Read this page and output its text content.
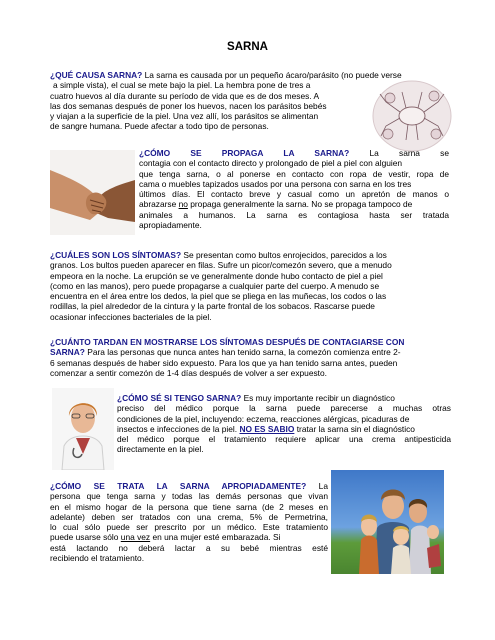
SARNA
¿QUÉ CAUSA SARNA? La sarna es causada por un pequeño ácaro/parásito (no puede verse
a simple vista), el cual se mete bajo la piel. La hembra pone de tres a
cuatro huevos al día durante su período de vida que es de dos meses. A
las dos semanas después de poner los huevos, nacen los parásitos bebés
y viajan a la superficie de la piel. Una vez allí, los parásitos se alimentan
de sangre humana. Puede afectar a todo tipo de personas.
¿CÓMO SE PROPAGA LA SARNA? La sarna se
contagia con el contacto directo y prolongado de piel a piel con alguien
que tenga sarna, o al ponerse en contacto con ropa de vestir, ropa de
cama o muebles tapizados usados por una persona con sarna en los tres
últimos días. El contacto breve y casual como un apretón de manos o
abrazarse no propaga generalmente la sarna. No se propaga tampoco de
animales a humanos. La sarna es contagiosa hasta ser tratada
apropiadamente.
¿CUÁLES SON LOS SÍNTOMAS? Se presentan como bultos enrojecidos, parecidos a los
granos. Los bultos pueden aparecer en filas. Sufre un picor/comezón severo, que a menudo
empeora en la noche. La erupción se ve generalmente donde hubo contacto de piel a piel
(como en las manos), pero puede propagarse a cualquier parte del cuerpo. A menudo se
encuentra en el área entre los dedos, la piel que se pliega en las muñecas, los codos o las
rodillas, la piel alrededor de la cintura y la parte frontal de los sobacos. Rascarse puede
ocasionar infecciones bacteriales de la piel.
¿CUÁNTO TARDAN EN MOSTRARSE LOS SÍNTOMAS DESPUÉS DE CONTAGIARSE CON
SARNA? Para las personas que nunca antes han tenido sarna, la comezón comienza entre 2-
6 semanas después de haber sido expuesto. Para los que ya han tenido sarna antes, pueden
comenzar a sentir comezón de 1-4 días después de volver a ser expuesto.
¿CÓMO SÉ SI TENGO SARNA? Es muy importante recibir un diagnóstico
preciso del médico porque la sarna puede parecerse a muchas otras
condiciones de la piel, incluyendo: eczema, reacciones alérgicas, picaduras de
insectos e infecciones de la piel. NO ES SABIO tratar la sarna sin el diagnóstico
del médico porque el tratamiento requiere aplicar una crema antipesticida
directamente en la piel.
¿CÓMO SE TRATA LA SARNA APROPIADAMENTE? La
persona que tenga sarna y todas las demás personas que vivan
en el mismo hogar de la persona que tiene sarna (de 2 meses en
adelante) deben ser tratados con una crema, 5% de Permetrina,
lo cual sólo puede ser prescrito por un médico. Este tratamiento
puede usarse sólo una vez en una mujer esté embarazada. Si
está lactando no deberá lactar a su bebé mientras esté
recibiendo el tratamiento.
